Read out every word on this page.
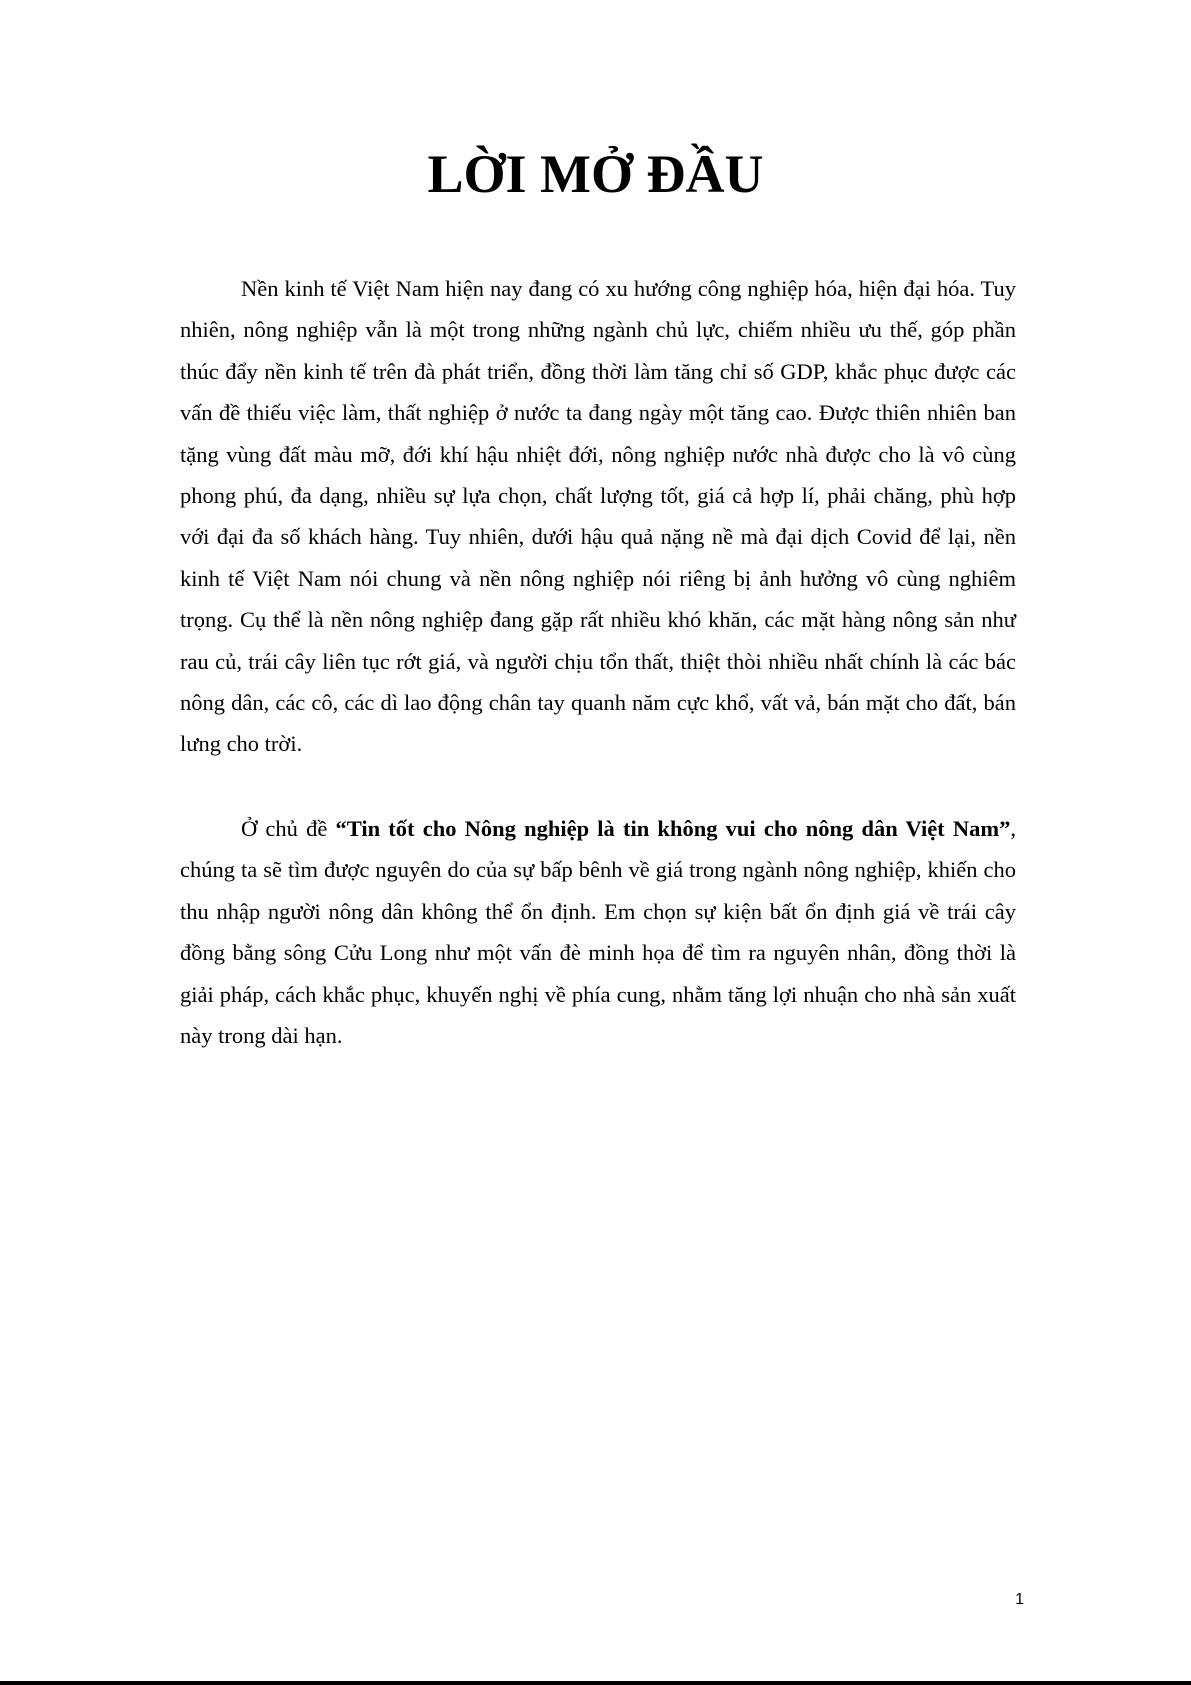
LỜI MỞ ĐẦU

Nền kinh tế Việt Nam hiện nay đang có xu hướng công nghiệp hóa, hiện đại hóa. Tuy nhiên, nông nghiệp vẫn là một trong những ngành chủ lực, chiếm nhiều ưu thế, góp phần thúc đẩy nền kinh tế trên đà phát triển, đồng thời làm tăng chỉ số GDP, khắc phục được các vấn đề thiếu việc làm, thất nghiệp ở nước ta đang ngày một tăng cao. Được thiên nhiên ban tặng vùng đất màu mỡ, đới khí hậu nhiệt đới, nông nghiệp nước nhà được cho là vô cùng phong phú, đa dạng, nhiều sự lựa chọn, chất lượng tốt, giá cả hợp lí, phải chăng, phù hợp với đại đa số khách hàng. Tuy nhiên, dưới hậu quả nặng nề mà đại dịch Covid để lại, nền kinh tế Việt Nam nói chung và nền nông nghiệp nói riêng bị ảnh hưởng vô cùng nghiêm trọng. Cụ thể là nền nông nghiệp đang gặp rất nhiều khó khăn, các mặt hàng nông sản như rau củ, trái cây liên tục rớt giá, và người chịu tổn thất, thiệt thòi nhiều nhất chính là các bác nông dân, các cô, các dì lao động chân tay quanh năm cực khổ, vất vả, bán mặt cho đất, bán lưng cho trời.

Ở chủ đề “Tin tốt cho Nông nghiệp là tin không vui cho nông dân Việt Nam”, chúng ta sẽ tìm được nguyên do của sự bấp bênh về giá trong ngành nông nghiệp, khiến cho thu nhập người nông dân không thể ổn định. Em chọn sự kiện bất ổn định giá về trái cây đồng bằng sông Cửu Long như một vấn đè minh họa để tìm ra nguyên nhân, đồng thời là giải pháp, cách khắc phục, khuyến nghị về phía cung, nhằm tăng lợi nhuận cho nhà sản xuất này trong dài hạn.

1
